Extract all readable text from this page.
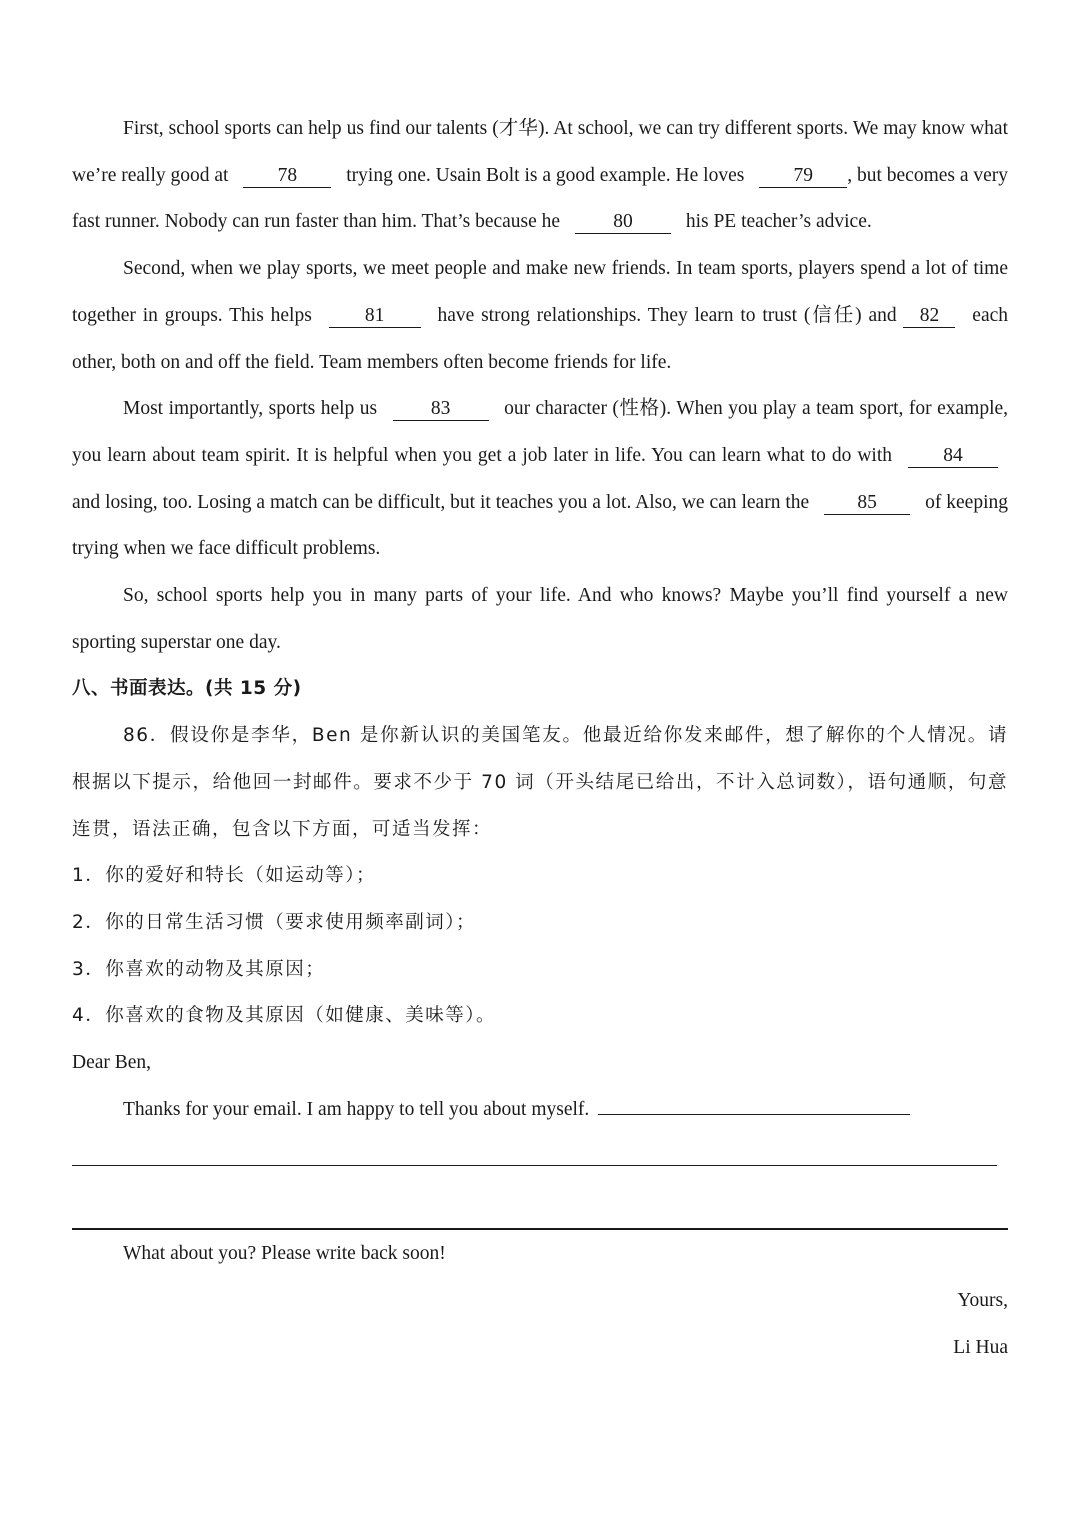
First, school sports can help us find our talents (才华). At school, we can try different sports. We may know what we’re really good at	78	trying one. Usain Bolt is a good example. He loves	79 , but becomes a very fast runner. Nobody can run faster than him. That’s because he	80	his PE teacher’s advice.

Second, when we play sports, we meet people and make new friends. In team sports, players spend a lot of time together in groups. This helps	81	have strong relationships. They learn to trust (信任) and 82 each other, both on and off the field. Team members often become friends for life.

Most importantly, sports help us	83	our character (性格). When you play a team sport, for example, you learn about team spirit. It is helpful when you get a job later in life. You can learn what to do with	84 and losing, too. Losing a match can be difficult, but it teaches you a lot. Also, we can learn the 85 of keeping trying when we face difficult problems.

So, school sports help you in many parts of your life. And who knows? Maybe you’ll find yourself a new sporting superstar one day.

八、书面表达。(共 15 分)

86．假设你是李华，Ben 是你新认识的美国笔友。他最近给你发来邮件，想了解你的个人情况。请根据以下提示，给他回一封邮件。要求不少于 70 词（开头结尾已给出，不计入总词数），语句通顺，句意连贯，语法正确，包含以下方面，可适当发挥：

1．你的爱好和特长（如运动等）；

2．你的日常生活习惯（要求使用频率副词）；

3．你喜欢的动物及其原因；

4．你喜欢的食物及其原因（如健康、美味等）。

Dear Ben,

Thanks for your email. I am happy to tell you about myself.

What about you? Please write back soon!

Yours,

Li Hua
